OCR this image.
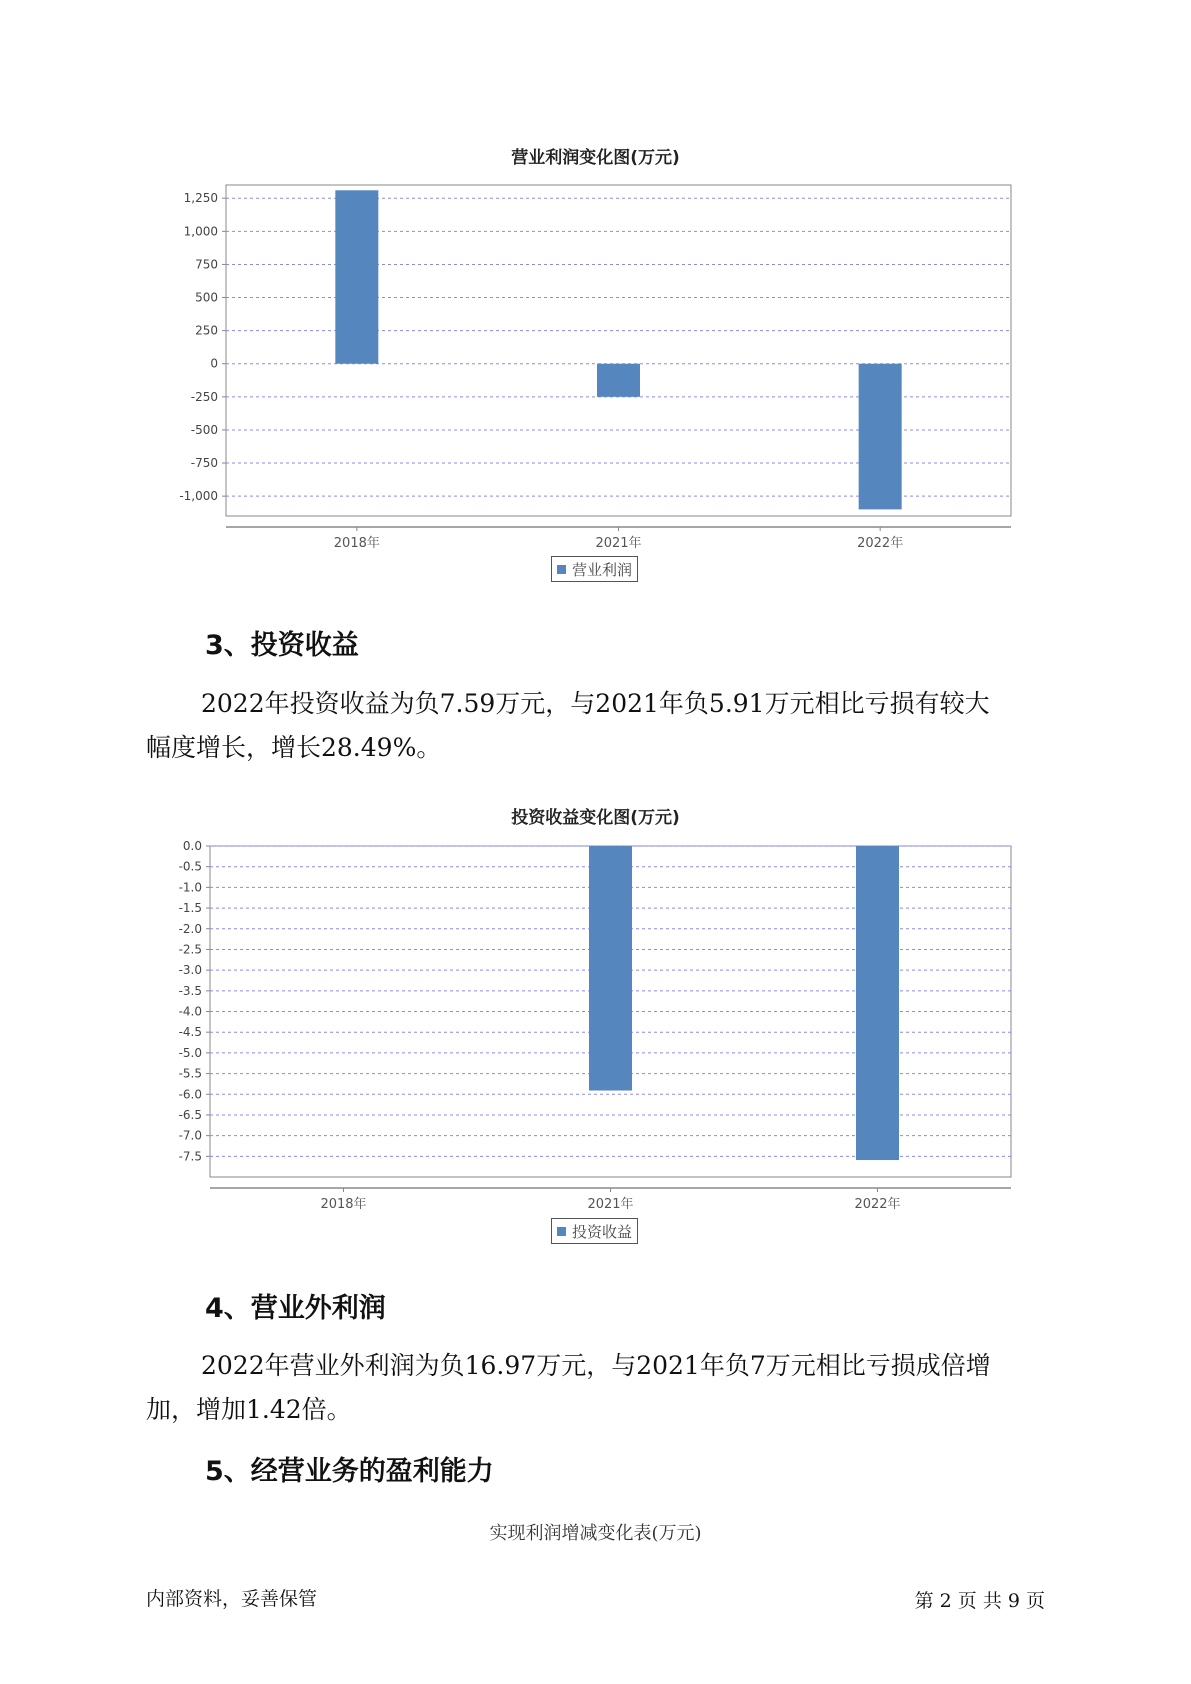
营业利润变化图(万元)
1,250
1,000
750
500
250
0
-250
-500
-750
-1,000
2018年	2021年	2022年
营业利润
3、投资收益
2022年投资收益为负7.59万元，与2021年负5.91万元相比亏损有较大
幅度增长，增长28.49%。
投资收益变化图(万元)
0.0
-0.5
-1.0
-1.5
-2.0
-2.5
-3.0
-3.5
-4.0
-4.5
-5.0
-5.5
-6.0
-6.5
-7.0
-7.5
2018年	2021年	2022年
投资收益
4、营业外利润
2022年营业外利润为负16.97万元，与2021年负7万元相比亏损成倍增
加，增加1.42倍。
5、经营业务的盈利能力
实现利润增减变化表(万元)
内部资料，妥善保管	第 2 页 共 9 页
